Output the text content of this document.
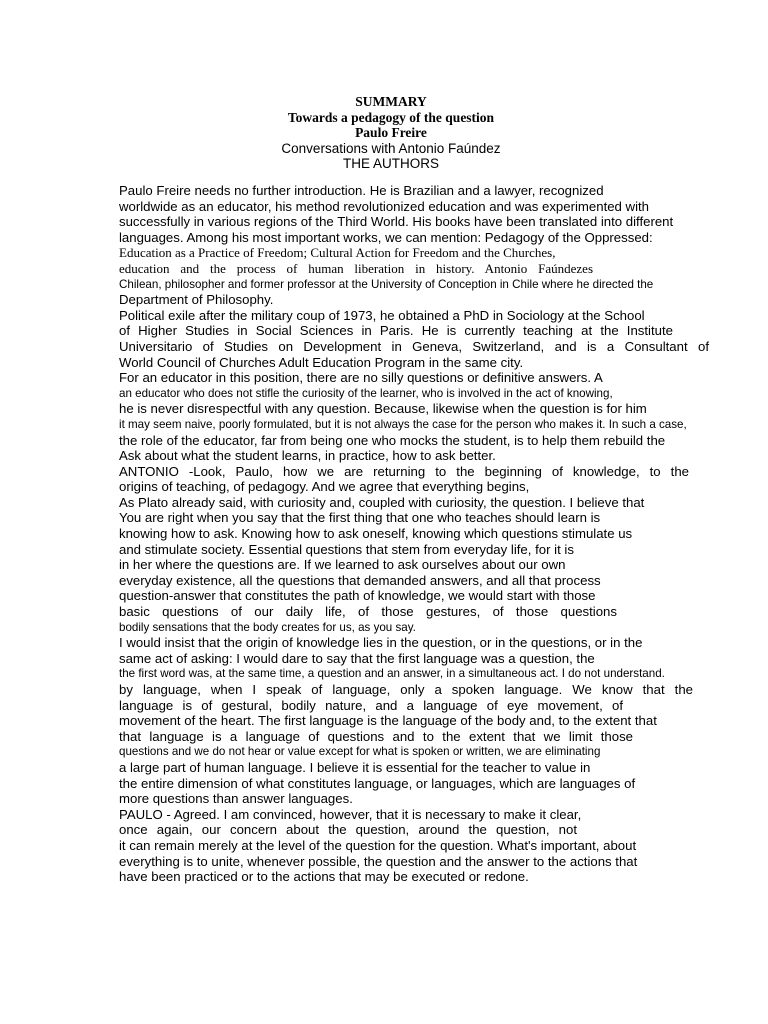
SUMMARY
Towards a pedagogy of the question
Paulo Freire
Conversations with Antonio Faúndez
THE AUTHORS
Paulo Freire needs no further introduction. He is Brazilian and a lawyer, recognized
worldwide as an educator, his method revolutionized education and was experimented with
successfully in various regions of the Third World. His books have been translated into different
languages. Among his most important works, we can mention: Pedagogy of the Oppressed:
Education as a Practice of Freedom; Cultural Action for Freedom and the Churches,
education and the process of human liberation in history. Antonio Faúndezes
Chilean, philosopher and former professor at the University of Conception in Chile where he directed the
Department of Philosophy.
Political exile after the military coup of 1973, he obtained a PhD in Sociology at the School
of Higher Studies in Social Sciences in Paris. He is currently teaching at the Institute
Universitario of Studies on Development in Geneva, Switzerland, and is a Consultant of
World Council of Churches Adult Education Program in the same city.
For an educator in this position, there are no silly questions or definitive answers. A
an educator who does not stifle the curiosity of the learner, who is involved in the act of knowing,
he is never disrespectful with any question. Because, likewise when the question is for him
it may seem naive, poorly formulated, but it is not always the case for the person who makes it. In such a case,
the role of the educator, far from being one who mocks the student, is to help them rebuild the
Ask about what the student learns, in practice, how to ask better.
ANTONIO -Look, Paulo, how we are returning to the beginning of knowledge, to the
origins of teaching, of pedagogy. And we agree that everything begins,
As Plato already said, with curiosity and, coupled with curiosity, the question. I believe that
You are right when you say that the first thing that one who teaches should learn is
knowing how to ask. Knowing how to ask oneself, knowing which questions stimulate us
and stimulate society. Essential questions that stem from everyday life, for it is
in her where the questions are. If we learned to ask ourselves about our own
everyday existence, all the questions that demanded answers, and all that process
question-answer that constitutes the path of knowledge, we would start with those
basic questions of our daily life, of those gestures, of those questions
bodily sensations that the body creates for us, as you say.
I would insist that the origin of knowledge lies in the question, or in the questions, or in the
same act of asking: I would dare to say that the first language was a question, the
the first word was, at the same time, a question and an answer, in a simultaneous act. I do not understand.
by language, when I speak of language, only a spoken language. We know that the
language is of gestural, bodily nature, and a language of eye movement, of
movement of the heart. The first language is the language of the body and, to the extent that
that language is a language of questions and to the extent that we limit those
questions and we do not hear or value except for what is spoken or written, we are eliminating
a large part of human language. I believe it is essential for the teacher to value in
the entire dimension of what constitutes language, or languages, which are languages of
more questions than answer languages.
PAULO - Agreed. I am convinced, however, that it is necessary to make it clear,
once again, our concern about the question, around the question, not
it can remain merely at the level of the question for the question. What's important, about
everything is to unite, whenever possible, the question and the answer to the actions that
have been practiced or to the actions that may be executed or redone.
